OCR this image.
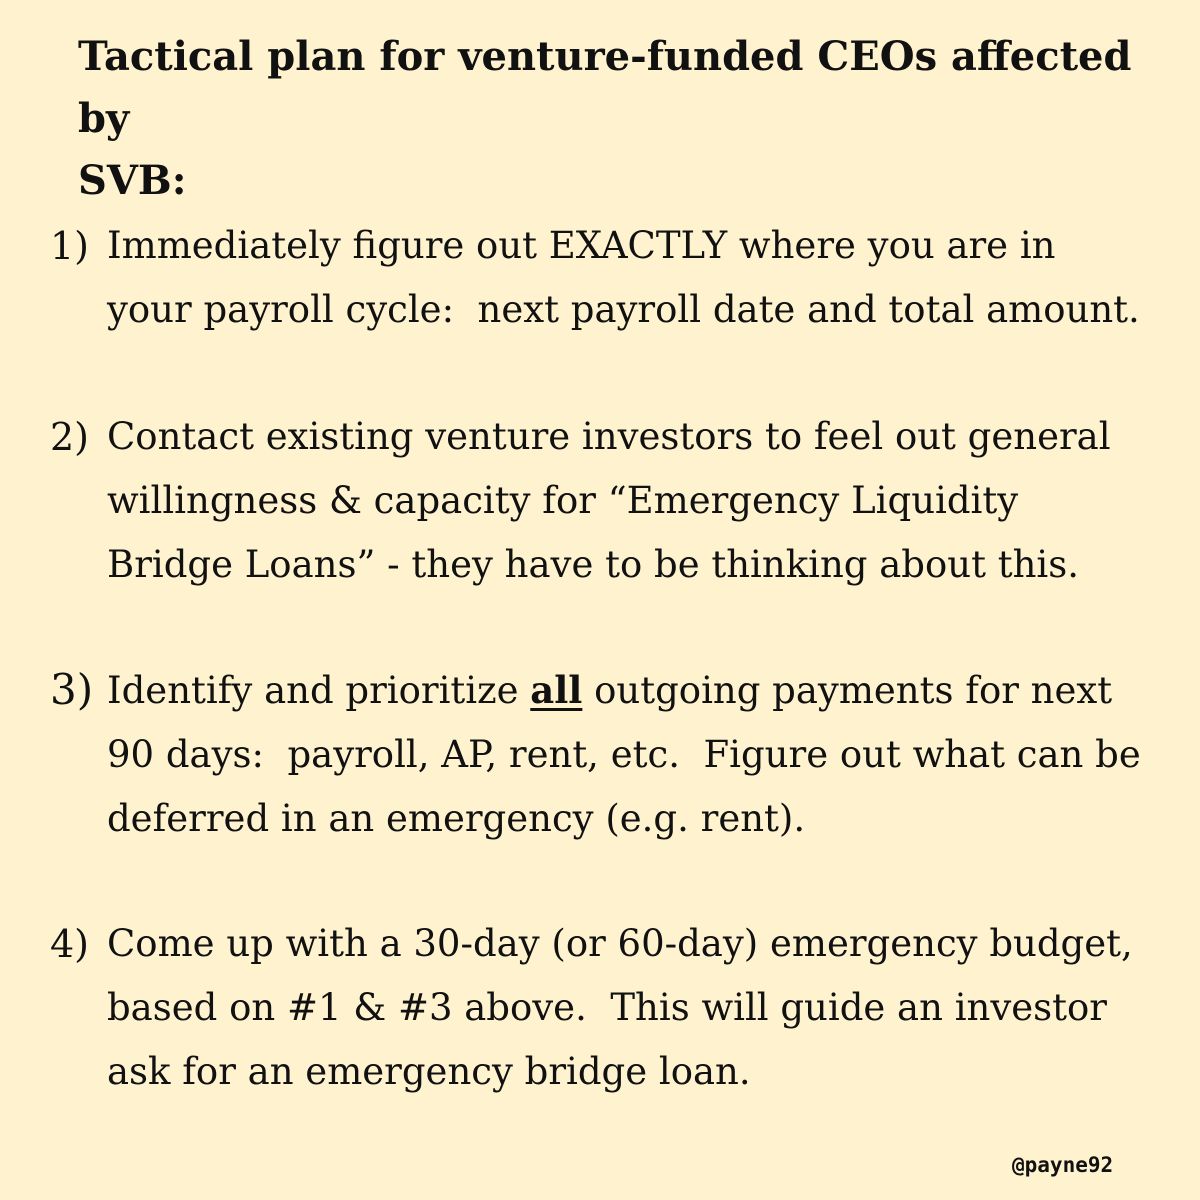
Tactical plan for venture-funded CEOs affected by
SVB:
1) Immediately figure out EXACTLY where you are in
your payroll cycle:  next payroll date and total amount.
2) Contact existing venture investors to feel out general
willingness & capacity for “Emergency Liquidity
Bridge Loans” - they have to be thinking about this.
3) Identify and prioritize all outgoing payments for next
90 days:  payroll, AP, rent, etc.  Figure out what can be
deferred in an emergency (e.g. rent).
4) Come up with a 30-day (or 60-day) emergency budget,
based on #1 & #3 above.  This will guide an investor
ask for an emergency bridge loan.
@payne92
